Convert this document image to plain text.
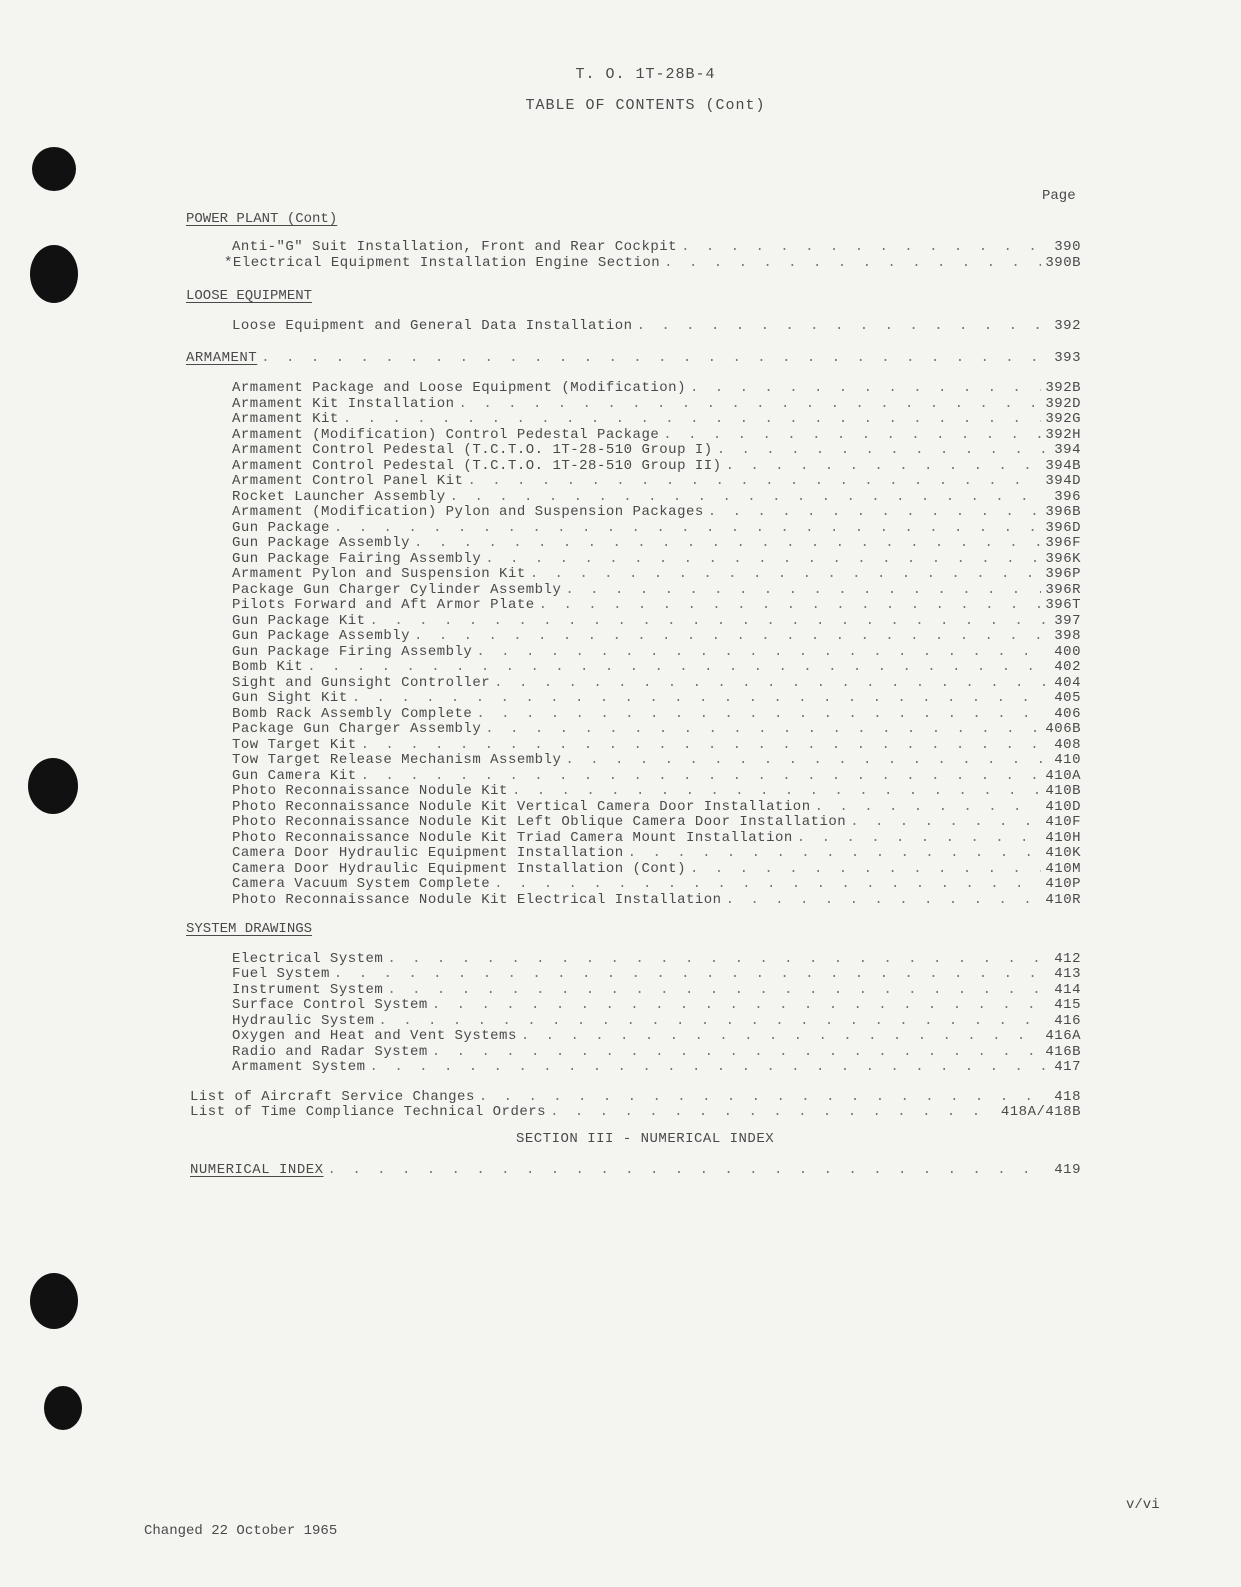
T. O. 1T-28B-4
TABLE OF CONTENTS (Cont)
Page
POWER PLANT (Cont)
Anti-"G" Suit Installation, Front and Rear Cockpit . . .	390
*Electrical Equipment Installation Engine Section . . .	390B
LOOSE EQUIPMENT
Loose Equipment and General Data Installation . . .	392
ARMAMENT . . .	393
Armament Package and Loose Equipment (Modification) . . .	392B
Armament Kit Installation . . .	392D
Armament Kit . . .	392G
Armament (Modification) Control Pedestal Package . . .	392H
Armament Control Pedestal (T.C.T.O. 1T-28-510 Group I) . . .	394
Armament Control Pedestal (T.C.T.O. 1T-28-510 Group II) . . .	394B
Armament Control Panel Kit . . .	394D
Rocket Launcher Assembly . . .	396
Armament (Modification) Pylon and Suspension Packages . . .	396B
Gun Package . . .	396D
Gun Package Assembly . . .	396F
Gun Package Fairing Assembly . . .	396K
Armament Pylon and Suspension Kit . . .	396P
Package Gun Charger Cylinder Assembly . . .	396R
Pilots Forward and Aft Armor Plate . . .	396T
Gun Package Kit . . .	397
Gun Package Assembly . . .	398
Gun Package Firing Assembly . . .	400
Bomb Kit . . .	402
Sight and Gunsight Controller . . .	404
Gun Sight Kit . . .	405
Bomb Rack Assembly Complete . . .	406
Package Gun Charger Assembly . . .	406B
Tow Target Kit . . .	408
Tow Target Release Mechanism Assembly . . .	410
Gun Camera Kit . . .	410A
Photo Reconnaissance Nodule Kit . . .	410B
Photo Reconnaissance Nodule Kit Vertical Camera Door Installation . . .	410D
Photo Reconnaissance Nodule Kit Left Oblique Camera Door Installation . . .	410F
Photo Reconnaissance Nodule Kit Triad Camera Mount Installation . . .	410H
Camera Door Hydraulic Equipment Installation . . .	410K
Camera Door Hydraulic Equipment Installation (Cont) . . .	410M
Camera Vacuum System Complete . . .	410P
Photo Reconnaissance Nodule Kit Electrical Installation . . .	410R
SYSTEM DRAWINGS
Electrical System . . .	412
Fuel System . . .	413
Instrument System . . .	414
Surface Control System . . .	415
Hydraulic System . . .	416
Oxygen and Heat and Vent Systems . . .	416A
Radio and Radar System . . .	416B
Armament System . . .	417
List of Aircraft Service Changes . . .	418
List of Time Compliance Technical Orders . . .	418A/418B
SECTION III - NUMERICAL INDEX
NUMERICAL INDEX . . .	419
Changed 22 October 1965
v/vi
